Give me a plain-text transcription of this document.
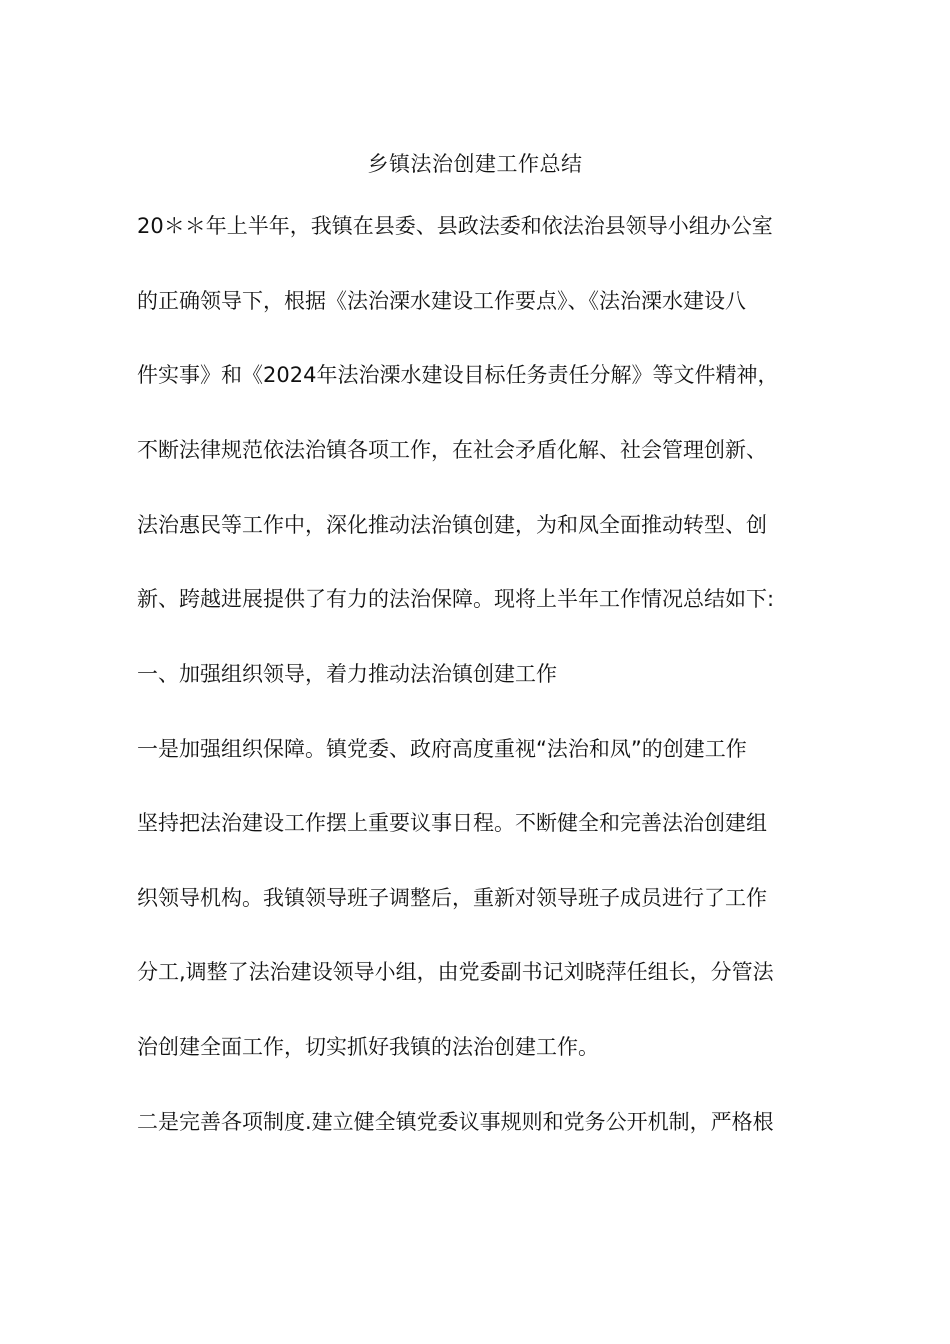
乡镇法治创建工作总结
20＊＊年上半年，我镇在县委、县政法委和依法治县领导小组办公室
的正确领导下，根据《法治溧水建设工作要点》、《法治溧水建设八
件实事》和《2024年法治溧水建设目标任务责任分解》等文件精神，
不断法律规范依法治镇各项工作，在社会矛盾化解、社会管理创新、
法治惠民等工作中，深化推动法治镇创建，为和凤全面推动转型、创
新、跨越进展提供了有力的法治保障。现将上半年工作情况总结如下:
一、加强组织领导，着力推动法治镇创建工作
一是加强组织保障。镇党委、政府高度重视“法治和凤”的创建工作
坚持把法治建设工作摆上重要议事日程。不断健全和完善法治创建组
织领导机构。我镇领导班子调整后，重新对领导班子成员进行了工作
分工,调整了法治建设领导小组，由党委副书记刘晓萍任组长，分管法
治创建全面工作，切实抓好我镇的法治创建工作。
二是完善各项制度.建立健全镇党委议事规则和党务公开机制，严格根
